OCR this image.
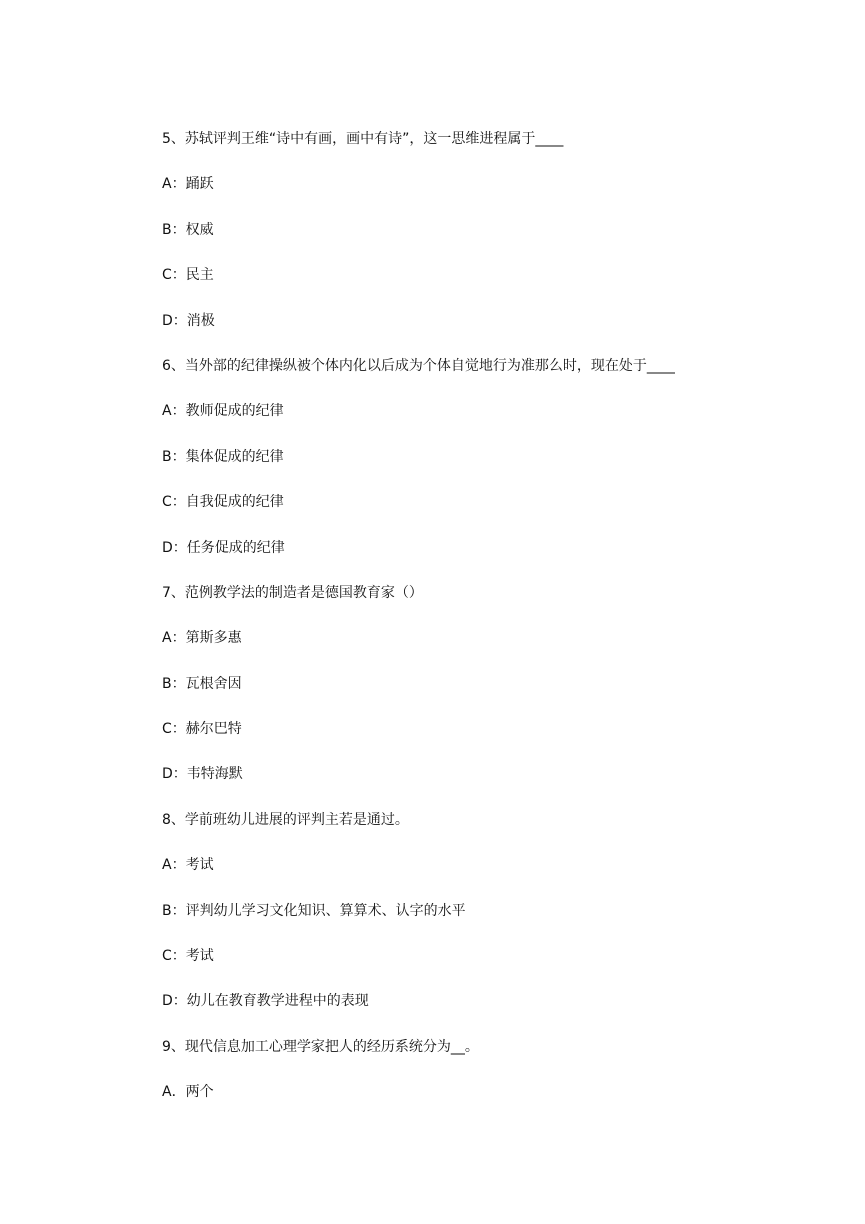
5、苏轼评判王维“诗中有画，画中有诗”，这一思维进程属于____
A：踊跃
B：权威
C：民主
D：消极
6、当外部的纪律操纵被个体内化以后成为个体自觉地行为准那么时，现在处于____
A：教师促成的纪律
B：集体促成的纪律
C：自我促成的纪律
D：任务促成的纪律
7、范例教学法的制造者是德国教育家（）
A：第斯多惠
B：瓦根舍因
C：赫尔巴特
D：韦特海默
8、学前班幼儿进展的评判主若是通过。
A：考试
B：评判幼儿学习文化知识、算算术、认字的水平
C：考试
D：幼儿在教育教学进程中的表现
9、现代信息加工心理学家把人的经历系统分为__。
A．两个
